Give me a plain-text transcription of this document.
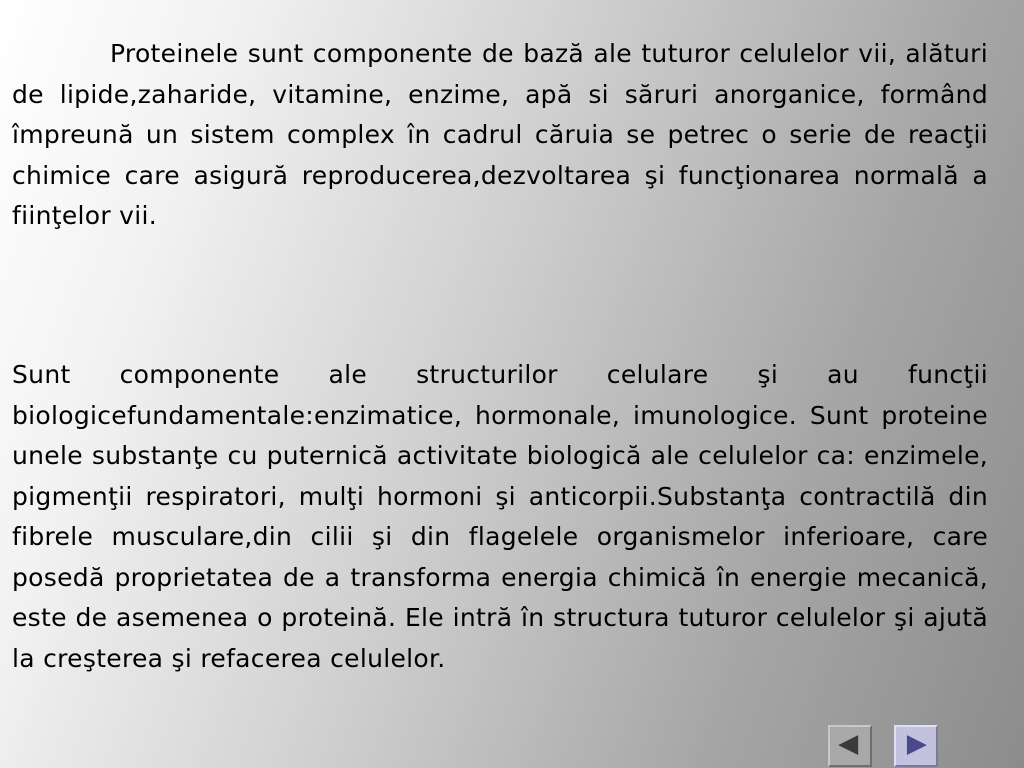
Proteinele sunt componente de bază ale tuturor celulelor vii, alături de lipide,zaharide, vitamine, enzime, apă si săruri anorganice, formând împreună un sistem complex în cadrul căruia se petrec o serie de reacţii chimice care asigură reproducerea,dezvoltarea şi funcţionarea normală a fiinţelor vii.

Sunt componente ale structurilor celulare şi au funcţii biologicefundamentale:enzimatice, hormonale, imunologice. Sunt proteine unele substanţe cu puternică activitate biologică ale celulelor ca: enzimele, pigmenţii respiratori, mulţi hormoni şi anticorpii.Substanţa contractilă din fibrele musculare,din cilii şi din flagelele organismelor inferioare, care posedă proprietatea de a transforma energia chimică în energie mecanică, este de asemenea o proteină. Ele intră în structura tuturor celulelor şi ajută la creşterea şi refacerea celulelor.
